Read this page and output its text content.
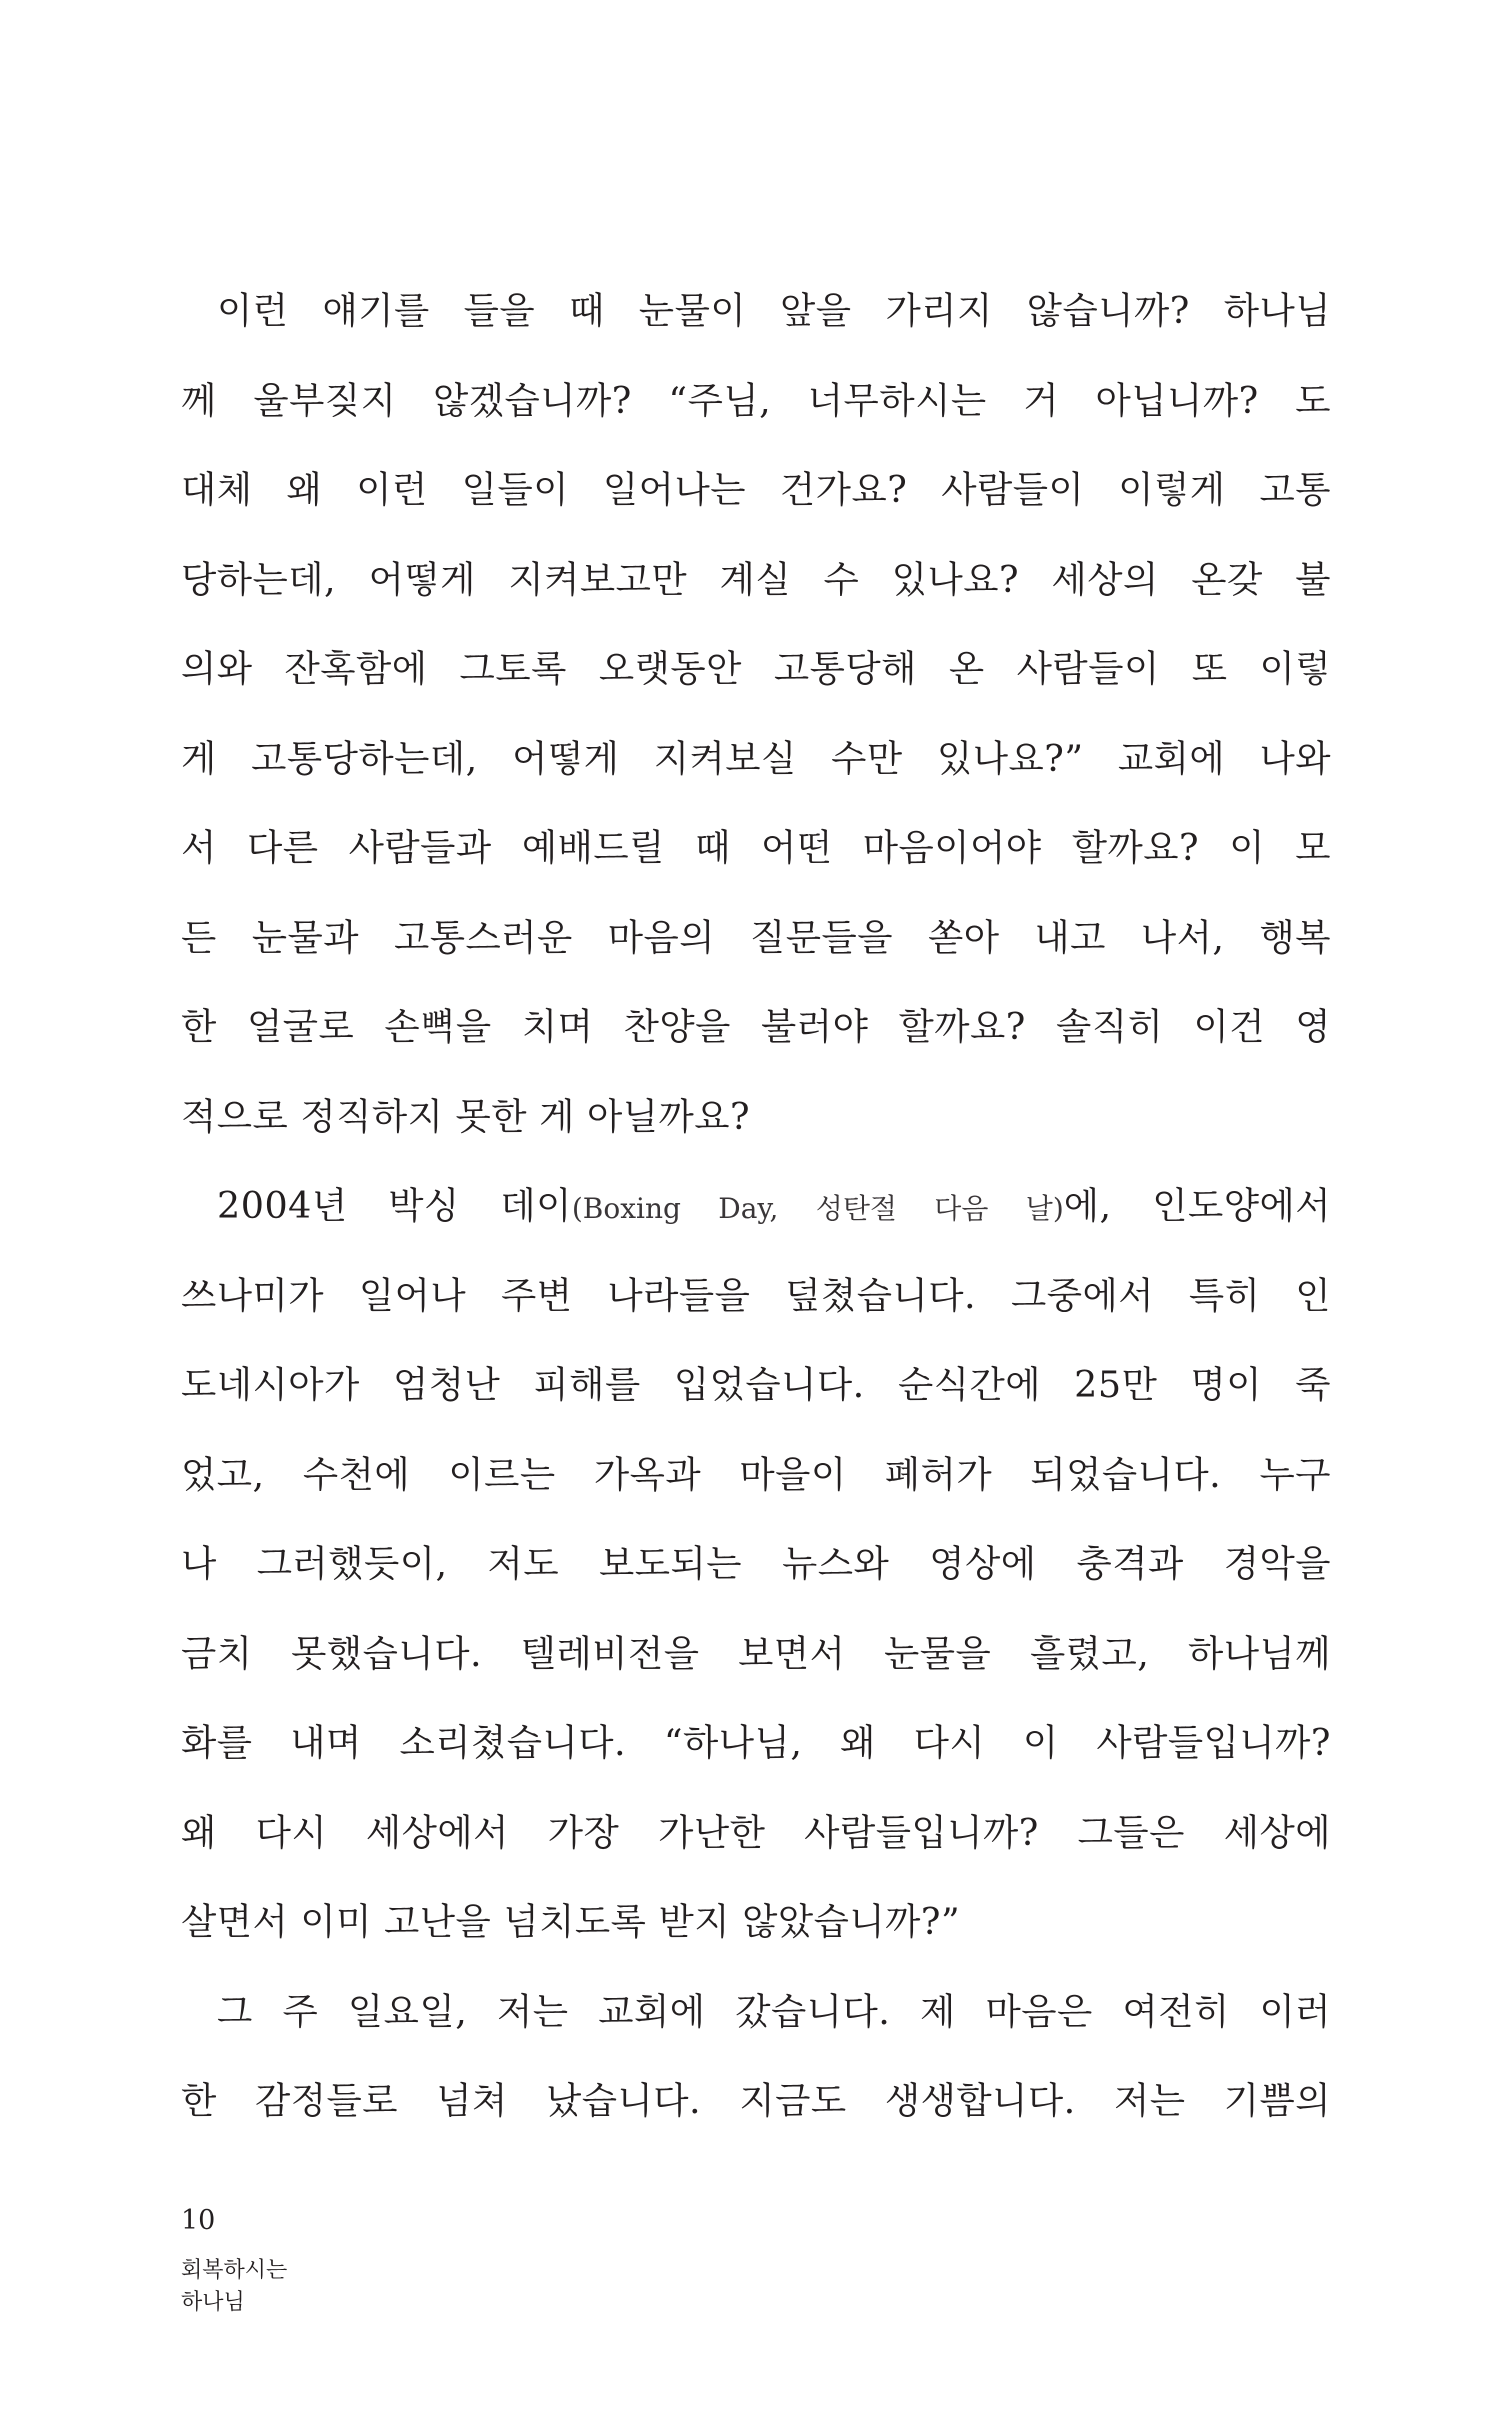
이런 얘기를 들을 때 눈물이 앞을 가리지 않습니까? 하나님
께 울부짖지 않겠습니까? “주님, 너무하시는 거 아닙니까? 도
대체 왜 이런 일들이 일어나는 건가요? 사람들이 이렇게 고통
당하는데, 어떻게 지켜보고만 계실 수 있나요? 세상의 온갖 불
의와 잔혹함에 그토록 오랫동안 고통당해 온 사람들이 또 이렇
게 고통당하는데, 어떻게 지켜보실 수만 있나요?” 교회에 나와
서 다른 사람들과 예배드릴 때 어떤 마음이어야 할까요? 이 모
든 눈물과 고통스러운 마음의 질문들을 쏟아 내고 나서, 행복
한 얼굴로 손뼉을 치며 찬양을 불러야 할까요? 솔직히 이건 영
적으로 정직하지 못한 게 아닐까요?
2004년 박싱 데이(Boxing Day, 성탄절 다음 날)에, 인도양에서
쓰나미가 일어나 주변 나라들을 덮쳤습니다. 그중에서 특히 인
도네시아가 엄청난 피해를 입었습니다. 순식간에 25만 명이 죽
었고, 수천에 이르는 가옥과 마을이 폐허가 되었습니다. 누구
나 그러했듯이, 저도 보도되는 뉴스와 영상에 충격과 경악을
금치 못했습니다. 텔레비전을 보면서 눈물을 흘렸고, 하나님께
화를 내며 소리쳤습니다. “하나님, 왜 다시 이 사람들입니까?
왜 다시 세상에서 가장 가난한 사람들입니까? 그들은 세상에
살면서 이미 고난을 넘치도록 받지 않았습니까?”
그 주 일요일, 저는 교회에 갔습니다. 제 마음은 여전히 이러
한 감정들로 넘쳐 났습니다. 지금도 생생합니다. 저는 기쁨의
10
회복하시는
하나님
